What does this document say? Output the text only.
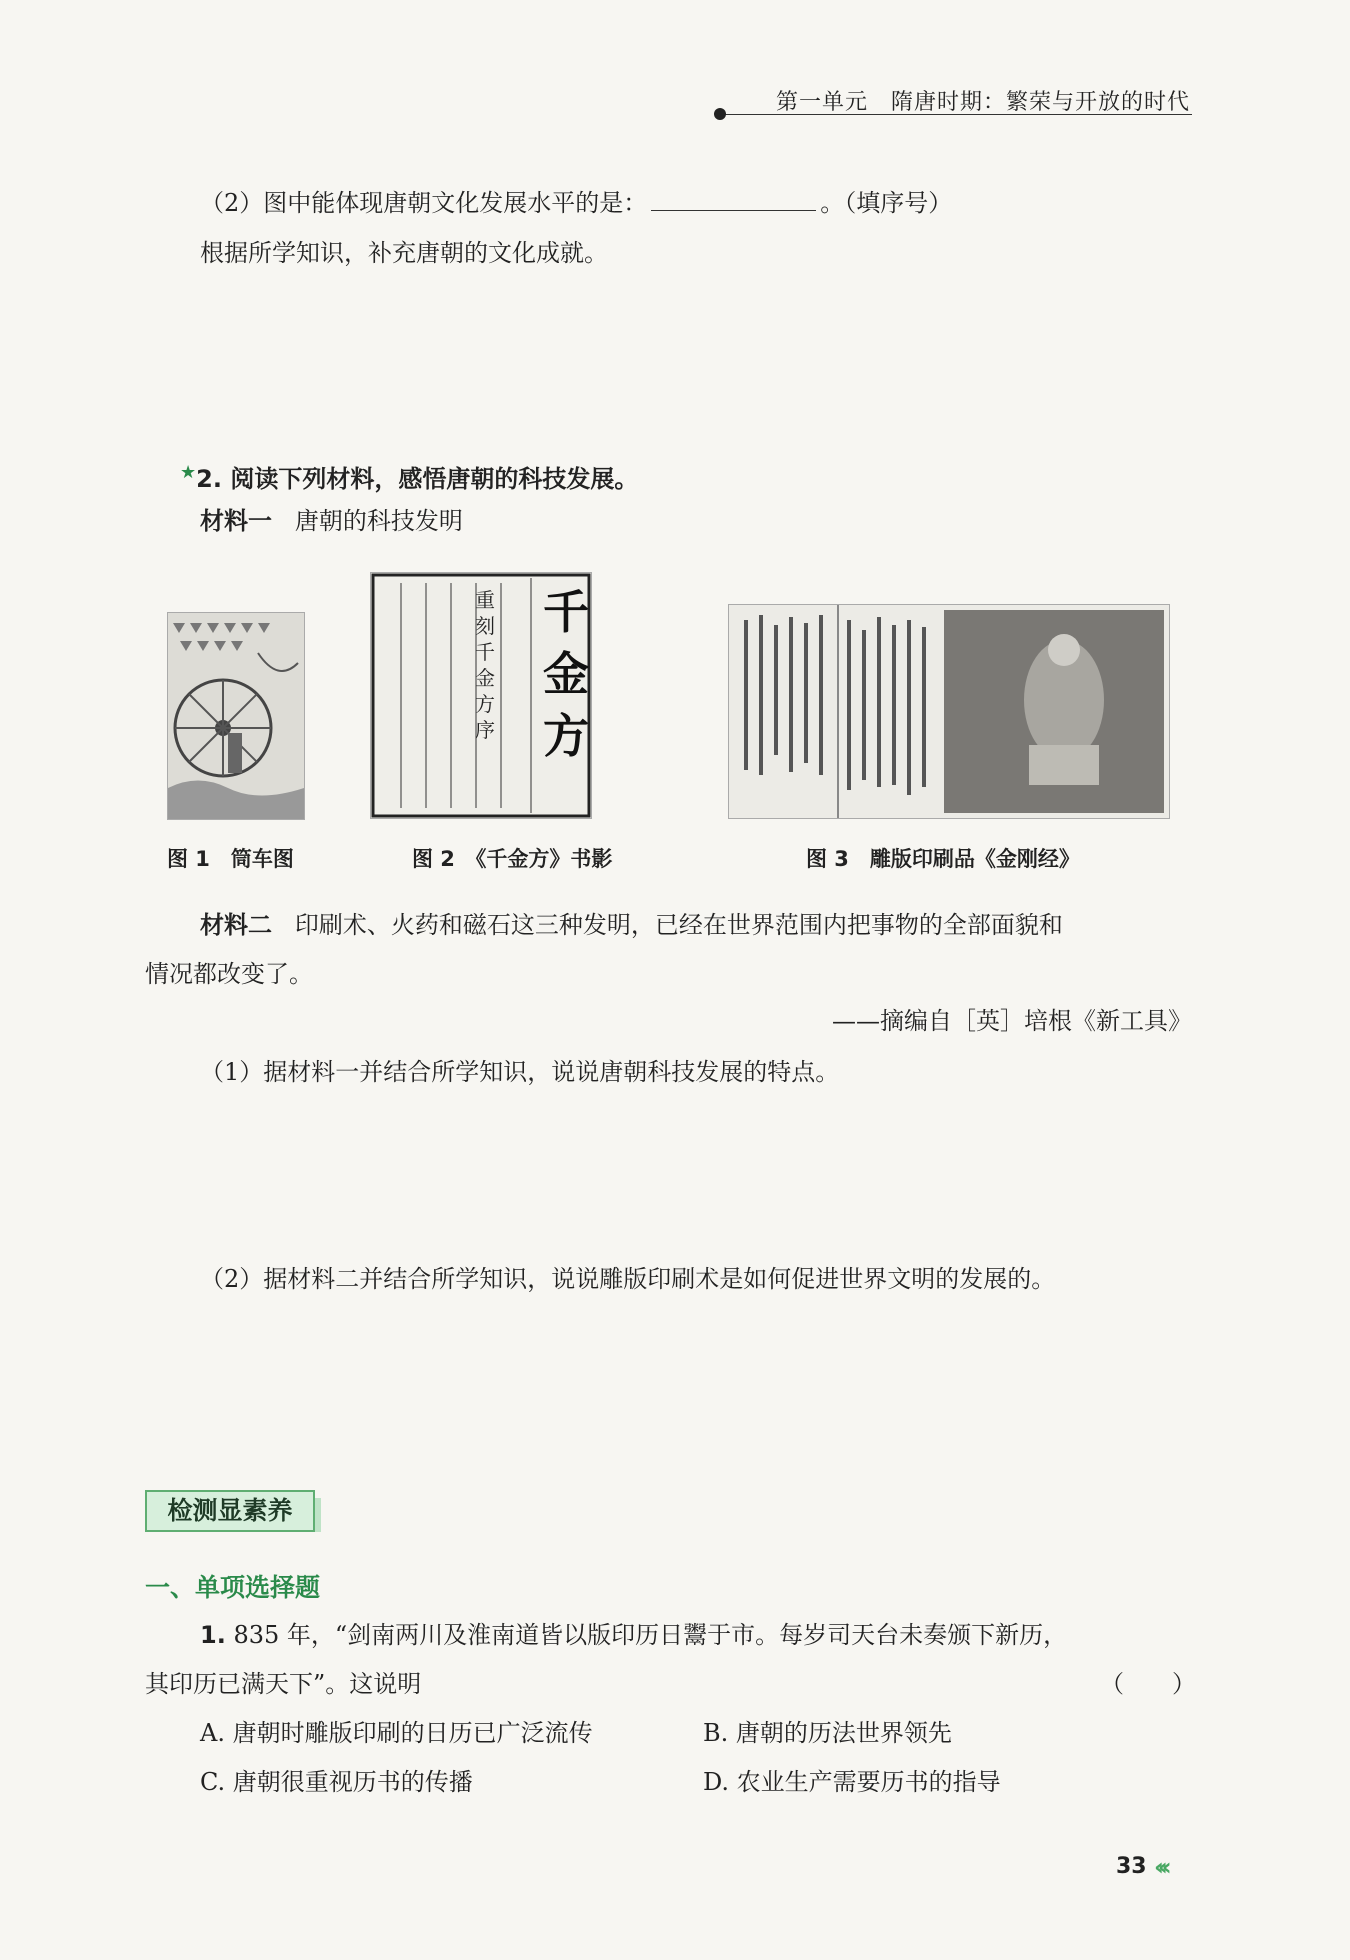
第一单元　隋唐时期：繁荣与开放的时代
（2）图中能体现唐朝文化发展水平的是：	。（填序号）
根据所学知识，补充唐朝的文化成就。
★2. 阅读下列材料，感悟唐朝的科技发展。
材料一 唐朝的科技发明
千金方
重刻千金方序
图 1　筒车图	图 2　《千金方》书影	图 3　雕版印刷品《金刚经》
材料二 印刷术、火药和磁石这三种发明，已经在世界范围内把事物的全部面貌和
情况都改变了。
——摘编自［英］培根《新工具》
（1）据材料一并结合所学知识，说说唐朝科技发展的特点。
（2）据材料二并结合所学知识，说说雕版印刷术是如何促进世界文明的发展的。
检测显素养
一、单项选择题
1. 835 年，“剑南两川及淮南道皆以版印历日鬻于市。每岁司天台未奏颁下新历，
其印历已满天下”。这说明	（　　）
A. 唐朝时雕版印刷的日历已广泛流传	B. 唐朝的历法世界领先
C. 唐朝很重视历书的传播	D. 农业生产需要历书的指导
33 ‹‹‹
